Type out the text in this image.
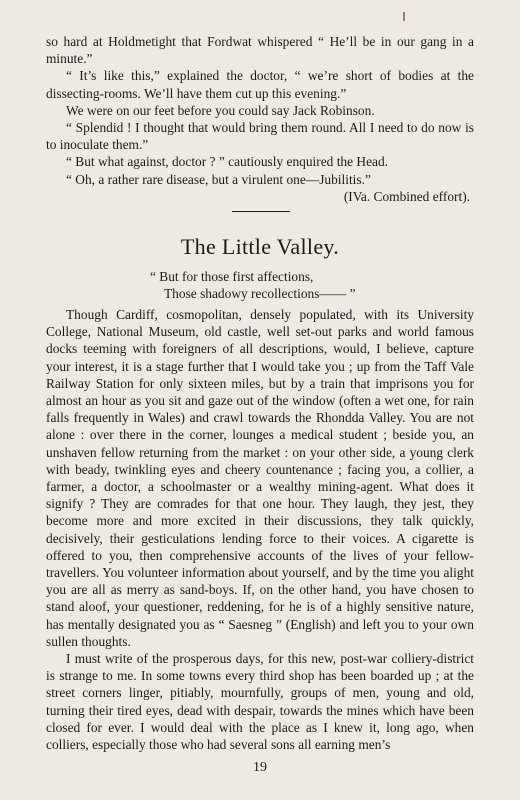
so hard at Holdmetight that Fordwat whispered “ He’ll be in our gang in a minute.”

“ It’s like this,” explained the doctor, “ we’re short of bodies at the dissecting-rooms. We’ll have them cut up this evening.”

We were on our feet before you could say Jack Robinson.

“ Splendid ! I thought that would bring them round. All I need to do now is to inoculate them.”

“ But what against, doctor ? ” cautiously enquired the Head.

“ Oh, a rather rare disease, but a virulent one—Jubilitis.”

(IVa. Combined effort).

The Little Valley.
“ But for those first affections,
Those shadowy recollections—— ”

Though Cardiff, cosmopolitan, densely populated, with its University College, National Museum, old castle, well set-out parks and world famous docks teeming with foreigners of all descriptions, would, I believe, capture your interest, it is a stage further that I would take you ; up from the Taff Vale Railway Station for only sixteen miles, but by a train that imprisons you for almost an hour as you sit and gaze out of the window (often a wet one, for rain falls frequently in Wales) and crawl towards the Rhondda Valley. You are not alone : over there in the corner, lounges a medical student ; beside you, an unshaven fellow returning from the market : on your other side, a young clerk with beady, twinkling eyes and cheery countenance ; facing you, a collier, a farmer, a doctor, a schoolmaster or a wealthy mining-agent. What does it signify ? They are comrades for that one hour. They laugh, they jest, they become more and more excited in their discussions, they talk quickly, decisively, their gesticulations lending force to their voices. A cigarette is offered to you, then comprehensive accounts of the lives of your fellow-travellers. You volunteer information about yourself, and by the time you alight you are all as merry as sand-boys. If, on the other hand, you have chosen to stand aloof, your questioner, reddening, for he is of a highly sensitive nature, has mentally designated you as “ Saesneg ” (English) and left you to your own sullen thoughts.

I must write of the prosperous days, for this new, post-war colliery-district is strange to me. In some towns every third shop has been boarded up ; at the street corners linger, pitiably, mournfully, groups of men, young and old, turning their tired eyes, dead with despair, towards the mines which have been closed for ever. I would deal with the place as I knew it, long ago, when colliers, especially those who had several sons all earning men’s

19
